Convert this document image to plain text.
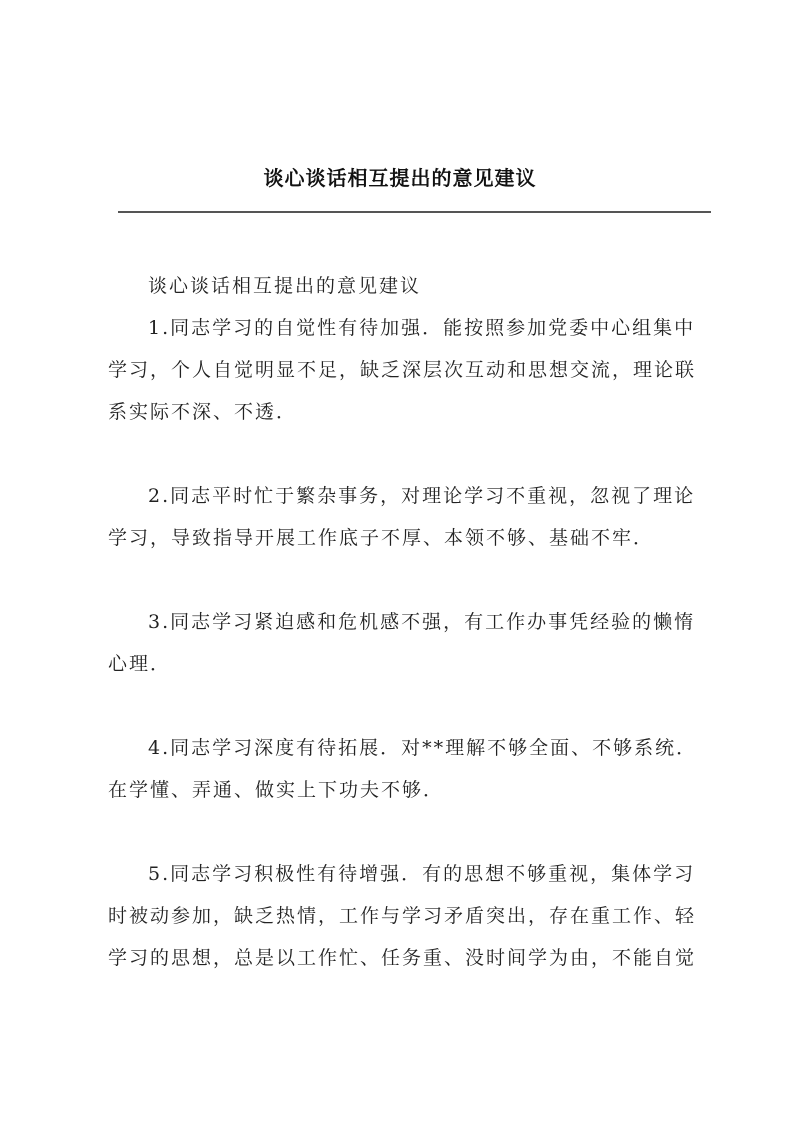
谈心谈话相互提出的意见建议
谈心谈话相互提出的意见建议
1.同志学习的自觉性有待加强．能按照参加党委中心组集中
学习，个人自觉明显不足，缺乏深层次互动和思想交流，理论联
系实际不深、不透．
2.同志平时忙于繁杂事务，对理论学习不重视，忽视了理论
学习，导致指导开展工作底子不厚、本领不够、基础不牢．
3.同志学习紧迫感和危机感不强，有工作办事凭经验的懒惰
心理．
4.同志学习深度有待拓展．对**理解不够全面、不够系统．
在学懂、弄通、做实上下功夫不够．
5.同志学习积极性有待增强．有的思想不够重视，集体学习
时被动参加，缺乏热情，工作与学习矛盾突出，存在重工作、轻
学习的思想，总是以工作忙、任务重、没时间学为由，不能自觉
